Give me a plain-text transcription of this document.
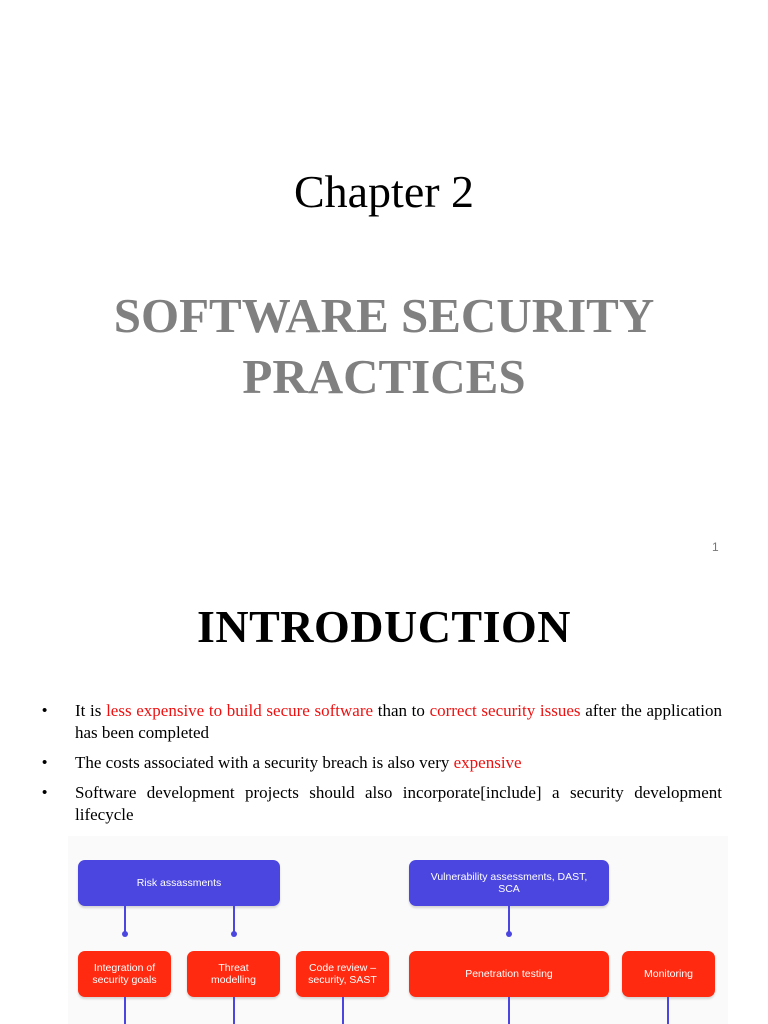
Chapter 2
SOFTWARE SECURITY
PRACTICES
1
INTRODUCTION
• It is less expensive to build secure software than to correct security issues after the application has been completed
• The costs associated with a security breach is also very expensive
• Software development projects should also incorporate[include] a security development lifecycle
Risk assassments	Vulnerability assessments, DAST, SCA
Integration of security goals
Threat modelling
Code review – security, SAST	Penetration testing	Monitoring
